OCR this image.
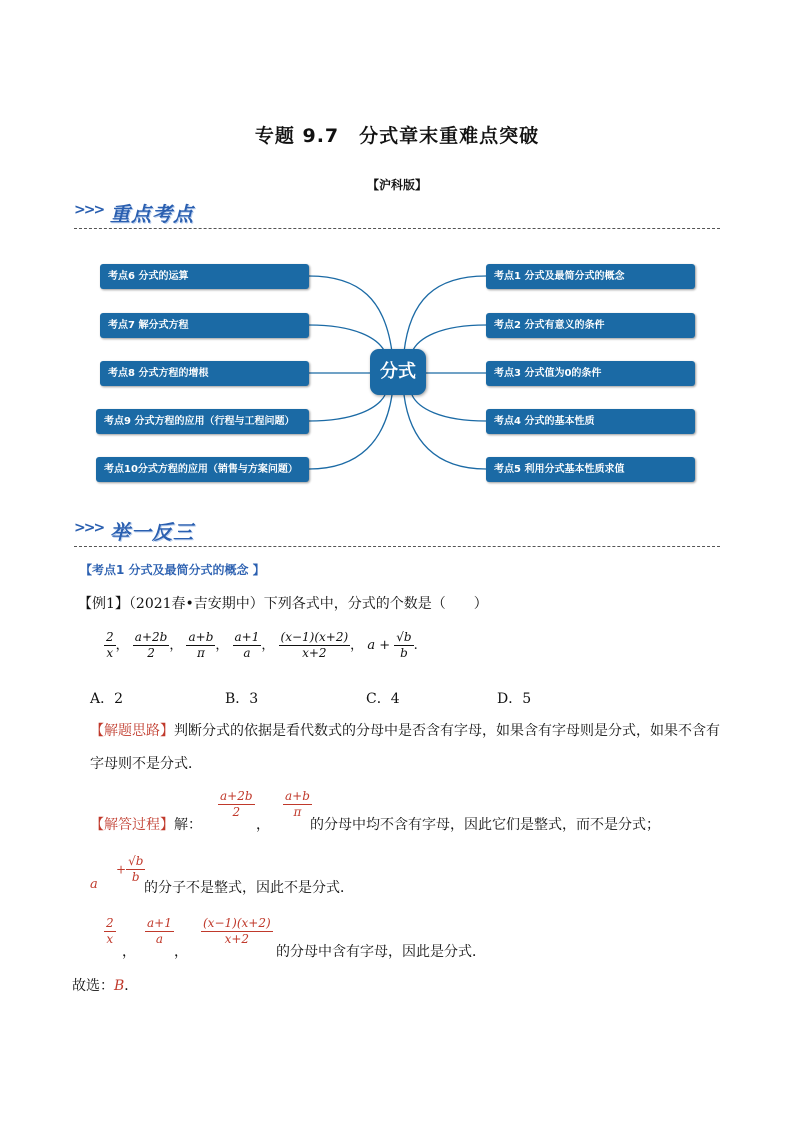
专题 9.7　分式章末重难点突破
【沪科版】
>>> 重点考点
分式
考点6 分式的运算
考点7 解分式方程
考点8 分式方程的增根
考点9 分式方程的应用（行程与工程问题）
考点10分式方程的应用（销售与方案问题）
考点1 分式及最简分式的概念
考点2 分式有意义的条件
考点3 分式值为0的条件
考点4 分式的基本性质
考点5 利用分式基本性质求值
>>> 举一反三
【考点1 分式及最简分式的概念 】
【例1】（2021春•吉安期中）下列各式中，分式的个数是（　　）
$\frac{2}{x}$ ， $\frac{a+2b}{2}$ ， $\frac{a+b}{\pi}$ ， $\frac{a+1}{a}$ ， $\frac{(x-1)(x+2)}{x+2}$ ， $a + \frac{√b}{b}$ .
A．2	B．3	C．4	D．5
【解题思路】判断分式的依据是看代数式的分母中是否含有字母，如果含有字母则是分式，如果不含有
字母则不是分式．
【解答过程】解：
$\frac{a+2b}{2}$
，
$\frac{a+b}{\pi}$
的分母中均不含有字母，因此它们是整式，而不是分式；
a
+ $\frac{√b}{b}$
的分子不是整式，因此不是分式．
$\frac{2}{x}$
，
$\frac{a+1}{a}$
，
$\frac{(x-1)(x+2)}{x+2}$
的分母中含有字母，因此是分式．
故选：B．
